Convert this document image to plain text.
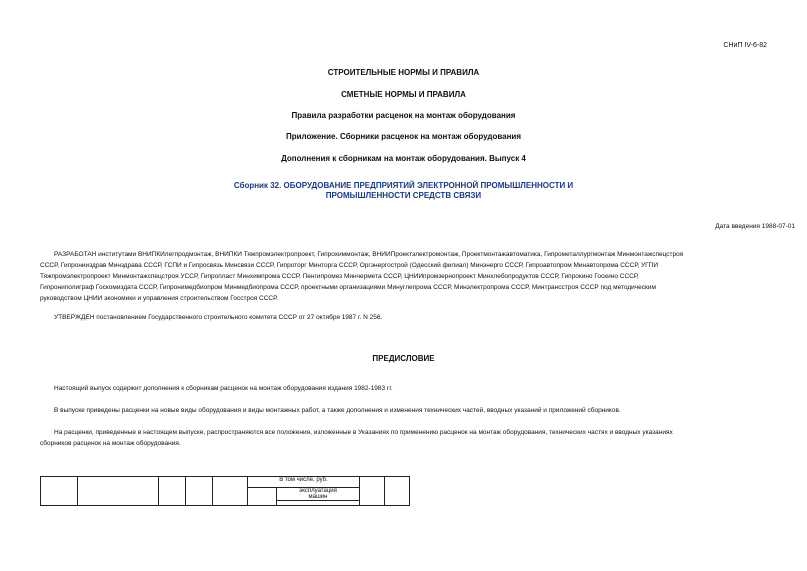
СНиП IV-6-82
СТРОИТЕЛЬНЫЕ НОРМЫ И ПРАВИЛА
СМЕТНЫЕ НОРМЫ И ПРАВИЛА
Правила разработки расценок на монтаж оборудования
Приложение. Сборники расценок на монтаж оборудования
Дополнения к сборникам на монтаж оборудования. Выпуск 4
Сборник 32. ОБОРУДОВАНИЕ ПРЕДПРИЯТИЙ ЭЛЕКТРОННОЙ ПРОМЫШЛЕННОСТИ И
ПРОМЫШЛЕННОСТИ СРЕДСТВ СВЯЗИ
Дата введения 1988-07-01
РАЗРАБОТАН институтами ВНИПКИлегпродмонтаж, ВНИПКИ Тяжпромэлектропроект, Гипрохиммонтаж, ВНИИПроектэлектромонтаж, Проектмонтажавтоматика, Гипрометаллургмонтаж Минмонтажспецстроя
СССР, Гипронииздрав Минздрава СССР, ГСПИ и Гипросвязь Минсвязи СССР, Гипроторг Минторга СССР, Оргэнергострой (Одесский филиал) Минэнерго СССР, Гипроавтопром Минавтопрома СССР, УГПИ
Тяжпромэлектропроект Минмонтажспецстроя УССР, Гипропласт Минхимпрома СССР, Пенгипромез Минчермета СССР, ЦНИИпромзернопроект Минхлебопродуктов СССР, Гипрокино Госкино СССР,
Гипрониполиграф Госкомиздата СССР, Гипронимедбиопром Минмедбиопрома СССР, проектными организациями Минуглепрома СССР, Минэлектропрома СССР, Минтрансстроя СССР под методическим
руководством ЦНИИ экономики и управления строительством Госстроя СССР.
УТВЕРЖДЕН постановлением Государственного строительного комитета СССР от 27 октября 1987 г. N 256.
ПРЕДИСЛОВИЕ
Настоящий выпуск содержит дополнения к сборникам расценок на монтаж оборудования издания 1982-1983 гг.
В выпуске приведены расценки на новые виды оборудования и виды монтажных работ, а также дополнения и изменения технических частей, вводных указаний и приложений сборников.
На расценки, приведенные в настоящем выпуске, распространяются все положения, изложенные в Указаниях по применению расценок на монтаж оборудования, технических частях и вводных указаниях
сборников расценок на монтаж оборудования.
					В том числе, руб.			

						эксплуатация
машин		
